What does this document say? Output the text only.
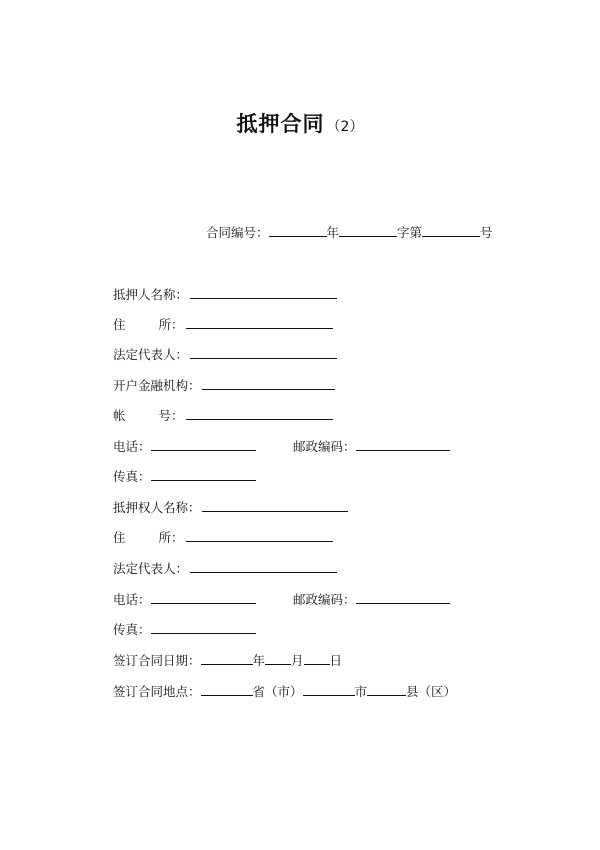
抵押合同 （2）
合同编号：	年	字第	号
抵押人名称：
住	所：
法定代表人：
开户金融机构：
帐	号：
电话：	邮政编码：
传真：
抵押权人名称：
住	所：
法定代表人：
电话：	邮政编码：
传真：
签订合同日期：	年 月 日
签订合同地点：	省（市）	市	县（区）
